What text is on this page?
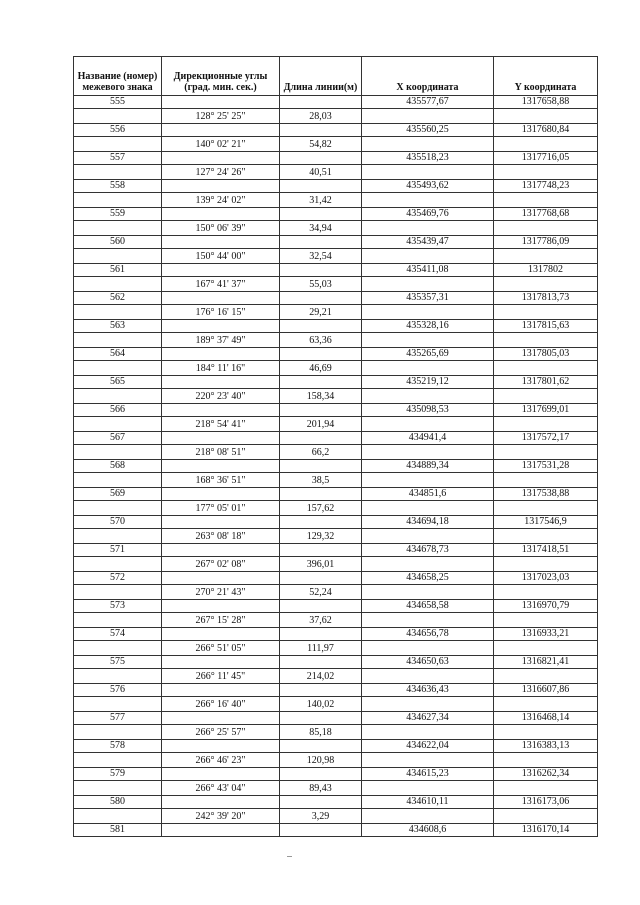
Название (номер) межевого знака	Дирекционные углы (град. мин. сек.)	Длина линии(м)	X координата	Y координата
555			435577,67	1317658,88
	128° 25' 25"	28,03		
556			435560,25	1317680,84
	140° 02' 21"	54,82		
557			435518,23	1317716,05
	127° 24' 26"	40,51		
558			435493,62	1317748,23
	139° 24' 02"	31,42		
559			435469,76	1317768,68
	150° 06' 39"	34,94		
560			435439,47	1317786,09
	150° 44' 00"	32,54		
561			435411,08	1317802
	167° 41' 37"	55,03		
562			435357,31	1317813,73
	176° 16' 15"	29,21		
563			435328,16	1317815,63
	189° 37' 49"	63,36		
564			435265,69	1317805,03
	184° 11' 16"	46,69		
565			435219,12	1317801,62
	220° 23' 40"	158,34		
566			435098,53	1317699,01
	218° 54' 41"	201,94		
567			434941,4	1317572,17
	218° 08' 51"	66,2		
568			434889,34	1317531,28
	168° 36' 51"	38,5		
569			434851,6	1317538,88
	177° 05' 01"	157,62		
570			434694,18	1317546,9
	263° 08' 18"	129,32		
571			434678,73	1317418,51
	267° 02' 08"	396,01		
572			434658,25	1317023,03
	270° 21' 43"	52,24		
573			434658,58	1316970,79
	267° 15' 28"	37,62		
574			434656,78	1316933,21
	266° 51' 05"	111,97		
575			434650,63	1316821,41
	266° 11' 45"	214,02		
576			434636,43	1316607,86
	266° 16' 40"	140,02		
577			434627,34	1316468,14
	266° 25' 57"	85,18		
578			434622,04	1316383,13
	266° 46' 23"	120,98		
579			434615,23	1316262,34
	266° 43' 04"	89,43		
580			434610,11	1316173,06
	242° 39' 20"	3,29		
581			434608,6	1316170,14
